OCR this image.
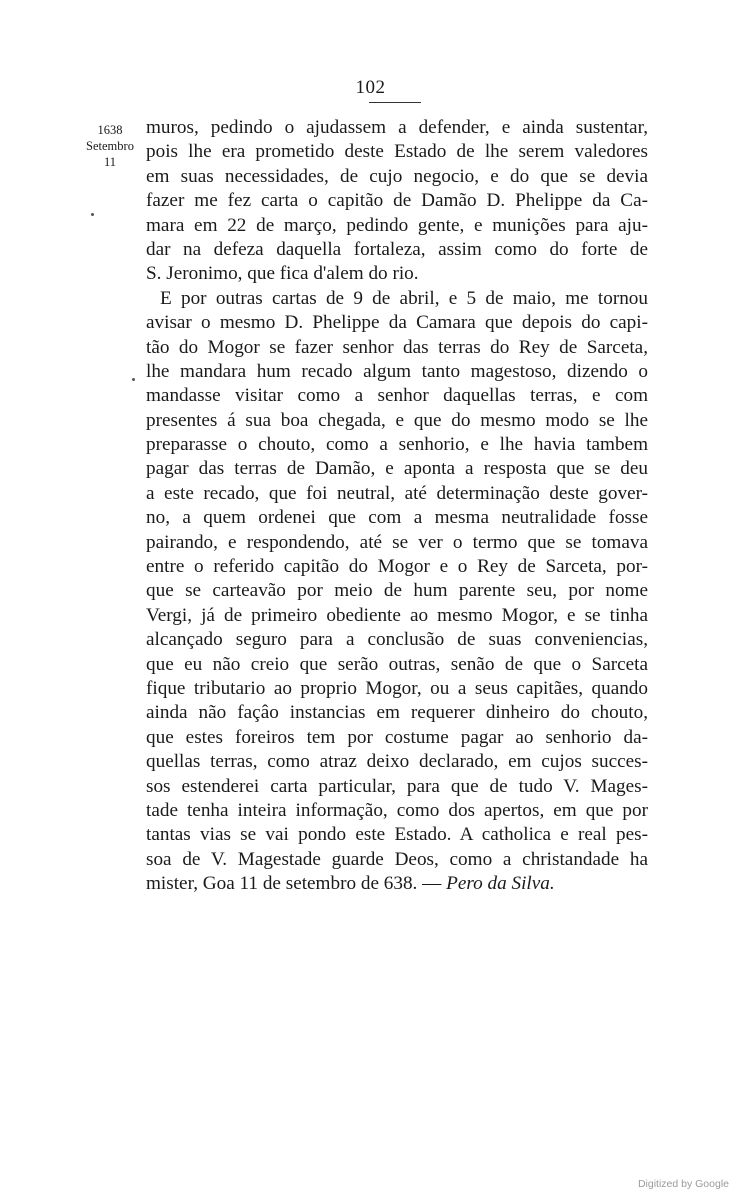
102
1638
Setembro
11
muros, pedindo o ajudassem a defender, e ainda sustentar,
pois lhe era prometido deste Estado de lhe serem valedores
em suas necessidades, de cujo negocio, e do que se devia
fazer me fez carta o capitão de Damão D. Phelippe da Ca-
mara em 22 de março, pedindo gente, e munições para aju-
dar na defeza daquella fortaleza, assim como do forte de
S. Jeronimo, que fica d'alem do rio.
E por outras cartas de 9 de abril, e 5 de maio, me tornou
avisar o mesmo D. Phelippe da Camara que depois do capi-
tão do Mogor se fazer senhor das terras do Rey de Sarceta,
lhe mandara hum recado algum tanto magestoso, dizendo o
mandasse visitar como a senhor daquellas terras, e com
presentes á sua boa chegada, e que do mesmo modo se lhe
preparasse o chouto, como a senhorio, e lhe havia tambem
pagar das terras de Damão, e aponta a resposta que se deu
a este recado, que foi neutral, até determinação deste gover-
no, a quem ordenei que com a mesma neutralidade fosse
pairando, e respondendo, até se ver o termo que se tomava
entre o referido capitão do Mogor e o Rey de Sarceta, por-
que se carteavão por meio de hum parente seu, por nome
Vergi, já de primeiro obediente ao mesmo Mogor, e se tinha
alcançado seguro para a conclusão de suas conveniencias,
que eu não creio que serão outras, senão de que o Sarceta
fique tributario ao proprio Mogor, ou a seus capitães, quando
ainda não façâo instancias em requerer dinheiro do chouto,
que estes foreiros tem por costume pagar ao senhorio da-
quellas terras, como atraz deixo declarado, em cujos succes-
sos estenderei carta particular, para que de tudo V. Mages-
tade tenha inteira informação, como dos apertos, em que por
tantas vias se vai pondo este Estado. A catholica e real pes-
soa de V. Magestade guarde Deos, como a christandade ha
mister, Goa 11 de setembro de 638. — Pero da Silva.
Digitized by Google
